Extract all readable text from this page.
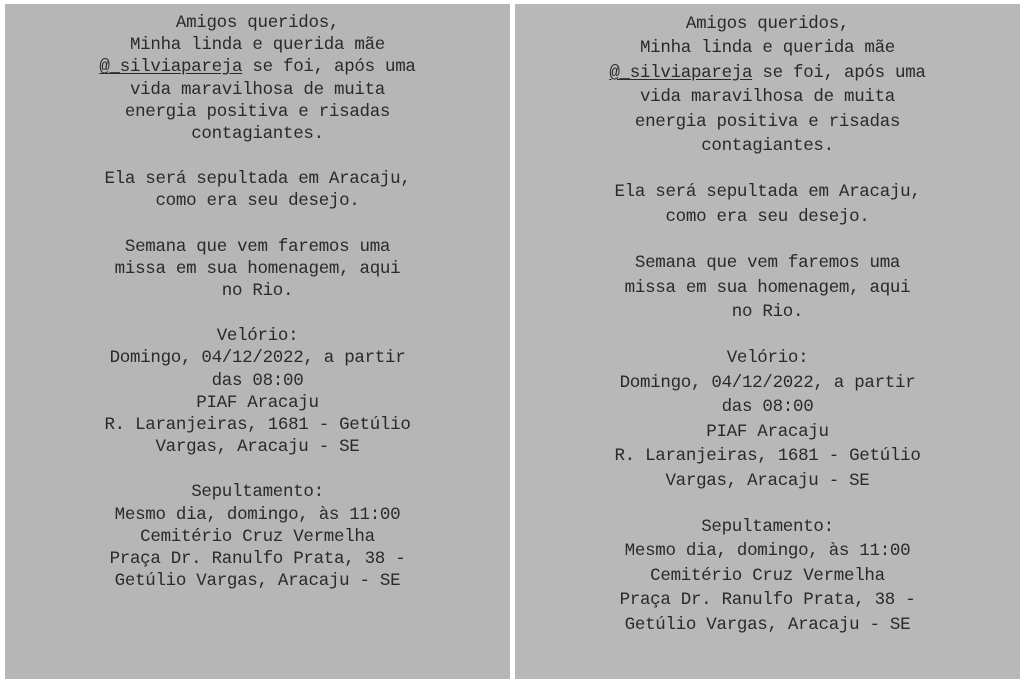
Amigos queridos,
Minha linda e querida mãe
@_silviapareja se foi, após uma
vida maravilhosa de muita
energia positiva e risadas
contagiantes.
Ela será sepultada em Aracaju,
como era seu desejo.
Semana que vem faremos uma
missa em sua homenagem, aqui
no Rio.
Velório:
Domingo, 04/12/2022, a partir
das 08:00
PIAF Aracaju
R. Laranjeiras, 1681 - Getúlio
Vargas, Aracaju - SE
Sepultamento:
Mesmo dia, domingo, às 11:00
Cemitério Cruz Vermelha
Praça Dr. Ranulfo Prata, 38 -
Getúlio Vargas, Aracaju - SE
Amigos queridos,
Minha linda e querida mãe
@_silviapareja se foi, após uma
vida maravilhosa de muita
energia positiva e risadas
contagiantes.
Ela será sepultada em Aracaju,
como era seu desejo.
Semana que vem faremos uma
missa em sua homenagem, aqui
no Rio.
Velório:
Domingo, 04/12/2022, a partir
das 08:00
PIAF Aracaju
R. Laranjeiras, 1681 - Getúlio
Vargas, Aracaju - SE
Sepultamento:
Mesmo dia, domingo, às 11:00
Cemitério Cruz Vermelha
Praça Dr. Ranulfo Prata, 38 -
Getúlio Vargas, Aracaju - SE
